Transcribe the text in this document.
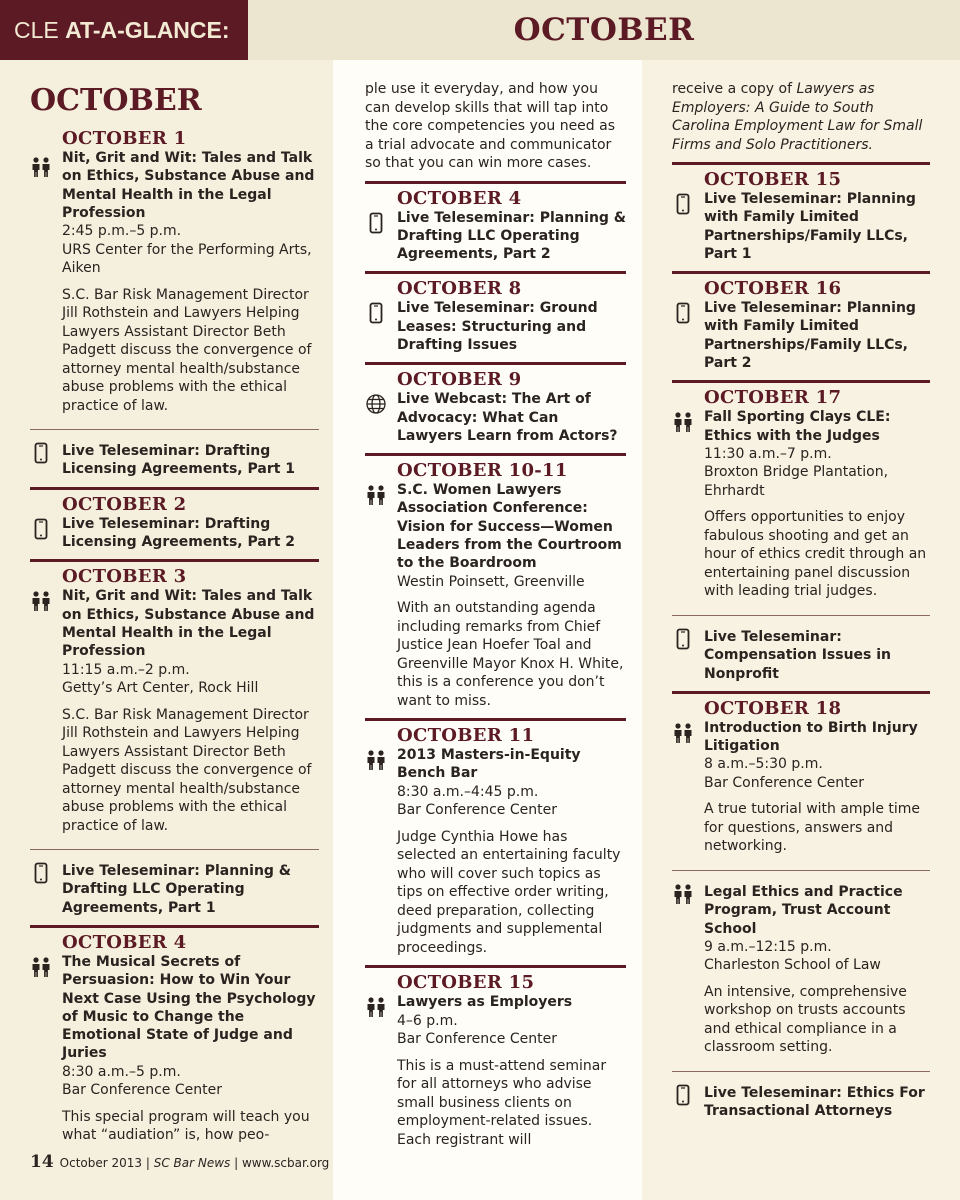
CLE AT-A-GLANCE:	OCTOBER
OCTOBER
OCTOBER 1
Nit, Grit and Wit: Tales and Talk on Ethics, Substance Abuse and Mental Health in the Legal Profession
2:45 p.m.–5 p.m.
URS Center for the Performing Arts, Aiken
S.C. Bar Risk Management Director Jill Rothstein and Lawyers Helping Lawyers Assistant Director Beth Padgett discuss the convergence of attorney mental health/substance abuse problems with the ethical practice of law.
Live Teleseminar: Drafting Licensing Agreements, Part 1
OCTOBER 2
Live Teleseminar: Drafting Licensing Agreements, Part 2
OCTOBER 3
Nit, Grit and Wit: Tales and Talk on Ethics, Substance Abuse and Mental Health in the Legal Profession
11:15 a.m.–2 p.m.
Getty’s Art Center, Rock Hill
S.C. Bar Risk Management Director Jill Rothstein and Lawyers Helping Lawyers Assistant Director Beth Padgett discuss the convergence of attorney mental health/substance abuse problems with the ethical practice of law.
Live Teleseminar: Planning & Drafting LLC Operating Agreements, Part 1
OCTOBER 4
The Musical Secrets of Persuasion: How to Win Your Next Case Using the Psychology of Music to Change the Emotional State of Judge and Juries
8:30 a.m.–5 p.m.
Bar Conference Center
This special program will teach you what “audiation” is, how peo-
ple use it everyday, and how you can develop skills that will tap into the core competencies you need as a trial advocate and communicator so that you can win more cases.
OCTOBER 4
Live Teleseminar: Planning & Drafting LLC Operating Agreements, Part 2
OCTOBER 8
Live Teleseminar: Ground Leases: Structuring and Drafting Issues
OCTOBER 9
Live Webcast: The Art of Advocacy: What Can Lawyers Learn from Actors?
OCTOBER 10-11
S.C. Women Lawyers Association Conference: Vision for Success—Women Leaders from the Courtroom to the Boardroom
Westin Poinsett, Greenville
With an outstanding agenda including remarks from Chief Justice Jean Hoefer Toal and Greenville Mayor Knox H. White, this is a conference you don’t want to miss.
OCTOBER 11
2013 Masters-in-Equity Bench Bar
8:30 a.m.–4:45 p.m.
Bar Conference Center
Judge Cynthia Howe has selected an entertaining faculty who will cover such topics as tips on effective order writing, deed preparation, collecting judgments and supplemental proceedings.
OCTOBER 15
Lawyers as Employers
4–6 p.m.
Bar Conference Center
This is a must-attend seminar for all attorneys who advise small business clients on employment-related issues. Each registrant will
receive a copy of Lawyers as Employers: A Guide to South Carolina Employment Law for Small Firms and Solo Practitioners.
OCTOBER 15
Live Teleseminar: Planning with Family Limited Partnerships/Family LLCs, Part 1
OCTOBER 16
Live Teleseminar: Planning with Family Limited Partnerships/Family LLCs, Part 2
OCTOBER 17
Fall Sporting Clays CLE: Ethics with the Judges
11:30 a.m.–7 p.m.
Broxton Bridge Plantation, Ehrhardt
Offers opportunities to enjoy fabulous shooting and get an hour of ethics credit through an entertaining panel discussion with leading trial judges.
Live Teleseminar: Compensation Issues in Nonprofit
OCTOBER 18
Introduction to Birth Injury Litigation
8 a.m.–5:30 p.m.
Bar Conference Center
A true tutorial with ample time for questions, answers and networking.
Legal Ethics and Practice Program, Trust Account School
9 a.m.–12:15 p.m.
Charleston School of Law
An intensive, comprehensive workshop on trusts accounts and ethical compliance in a classroom setting.
Live Teleseminar: Ethics For Transactional Attorneys
14 October 2013 | SC Bar News | www.scbar.org
